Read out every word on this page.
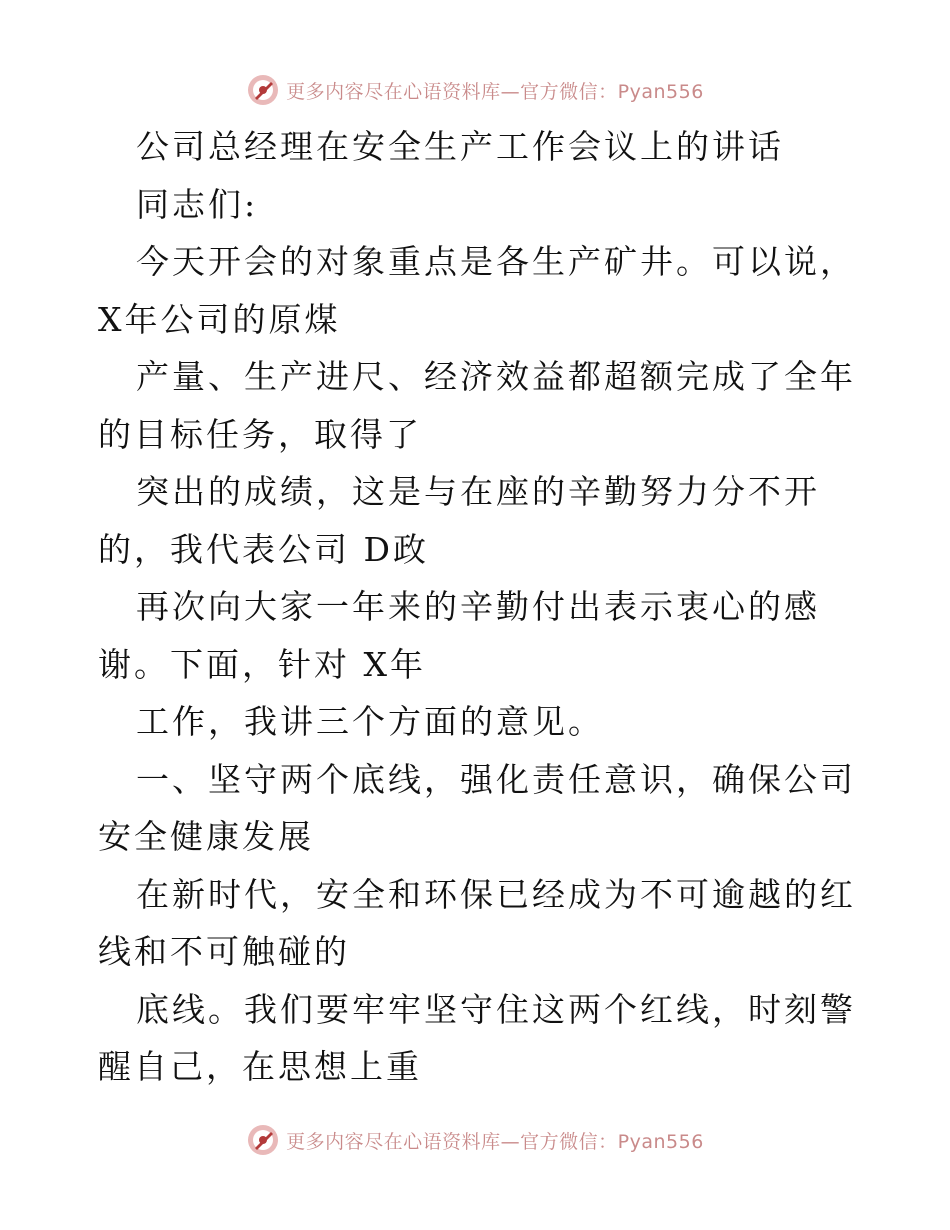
更多内容尽在心语资料库—官方微信：Pyan556

公司总经理在安全生产工作会议上的讲话

同志们:

今天开会的对象重点是各生产矿井。可以说，X年公司的原煤

产量、生产进尺、经济效益都超额完成了全年的目标任务，取得了

突出的成绩，这是与在座的辛勤努力分不开的，我代表公司 D政

再次向大家一年来的辛勤付出表示衷心的感谢。下面，针对 X年

工作，我讲三个方面的意见。

一、坚守两个底线，强化责任意识，确保公司安全健康发展

在新时代，安全和环保已经成为不可逾越的红线和不可触碰的

底线。我们要牢牢坚守住这两个红线，时刻警醒自己，在思想上重

更多内容尽在心语资料库—官方微信：Pyan556
